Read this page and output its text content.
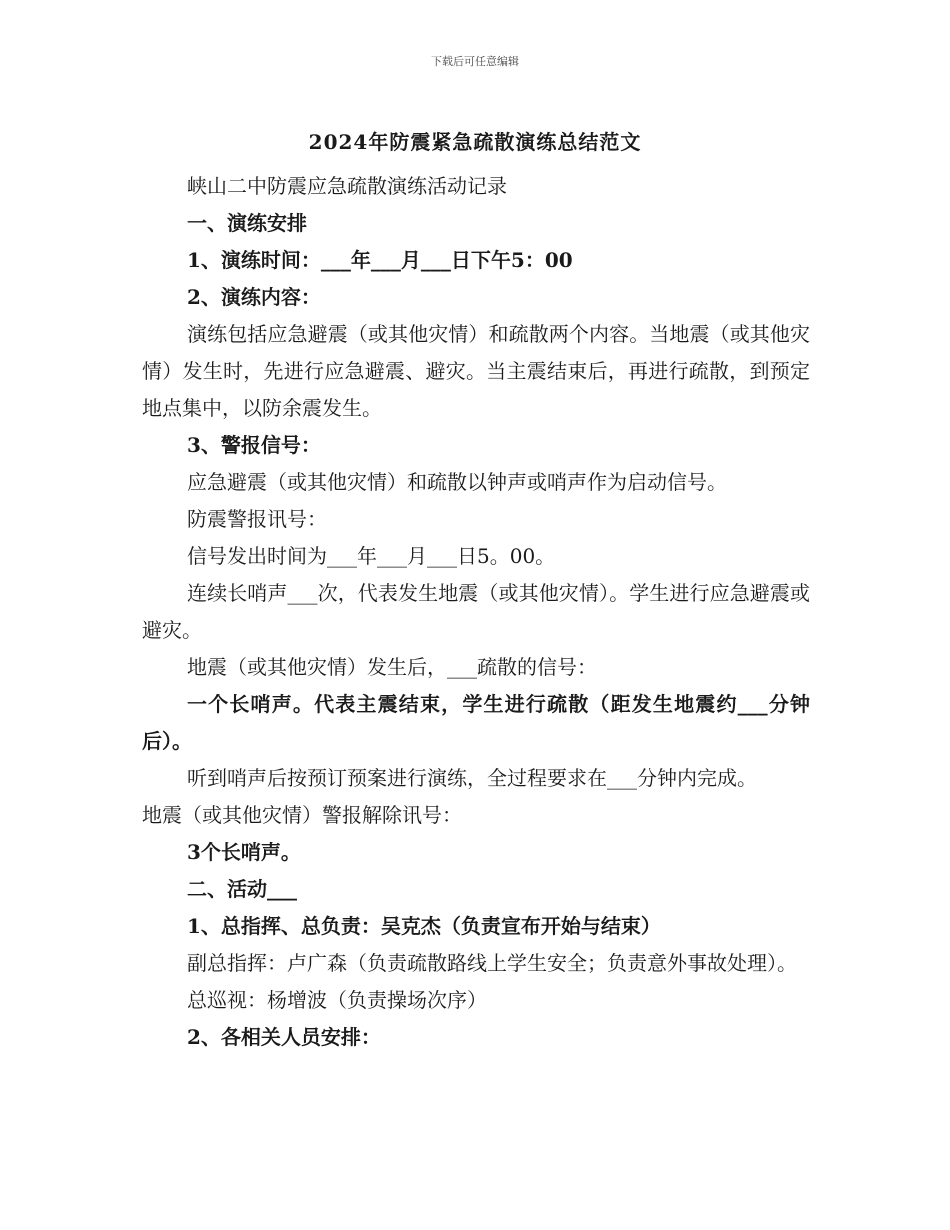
下载后可任意编辑
2024年防震紧急疏散演练总结范文

峡山二中防震应急疏散演练活动记录

一、演练安排

1、演练时间：___年___月___日下午5：00

2、演练内容：

演练包括应急避震（或其他灾情）和疏散两个内容。当地震（或其他灾情）发生时，先进行应急避震、避灾。当主震结束后，再进行疏散，到预定地点集中，以防余震发生。

3、警报信号：

应急避震（或其他灾情）和疏散以钟声或哨声作为启动信号。

防震警报讯号：

信号发出时间为___年___月___日5。00。

连续长哨声___次，代表发生地震（或其他灾情）。学生进行应急避震或避灾。

地震（或其他灾情）发生后，___疏散的信号：

一个长哨声。代表主震结束，学生进行疏散（距发生地震约___分钟后）。

听到哨声后按预订预案进行演练，全过程要求在___分钟内完成。

地震（或其他灾情）警报解除讯号：

3个长哨声。

二、活动___

1、总指挥、总负责：吴克杰（负责宣布开始与结束）

副总指挥：卢广森（负责疏散路线上学生安全；负责意外事故处理）。

总巡视：杨增波（负责操场次序）

2、各相关人员安排：
